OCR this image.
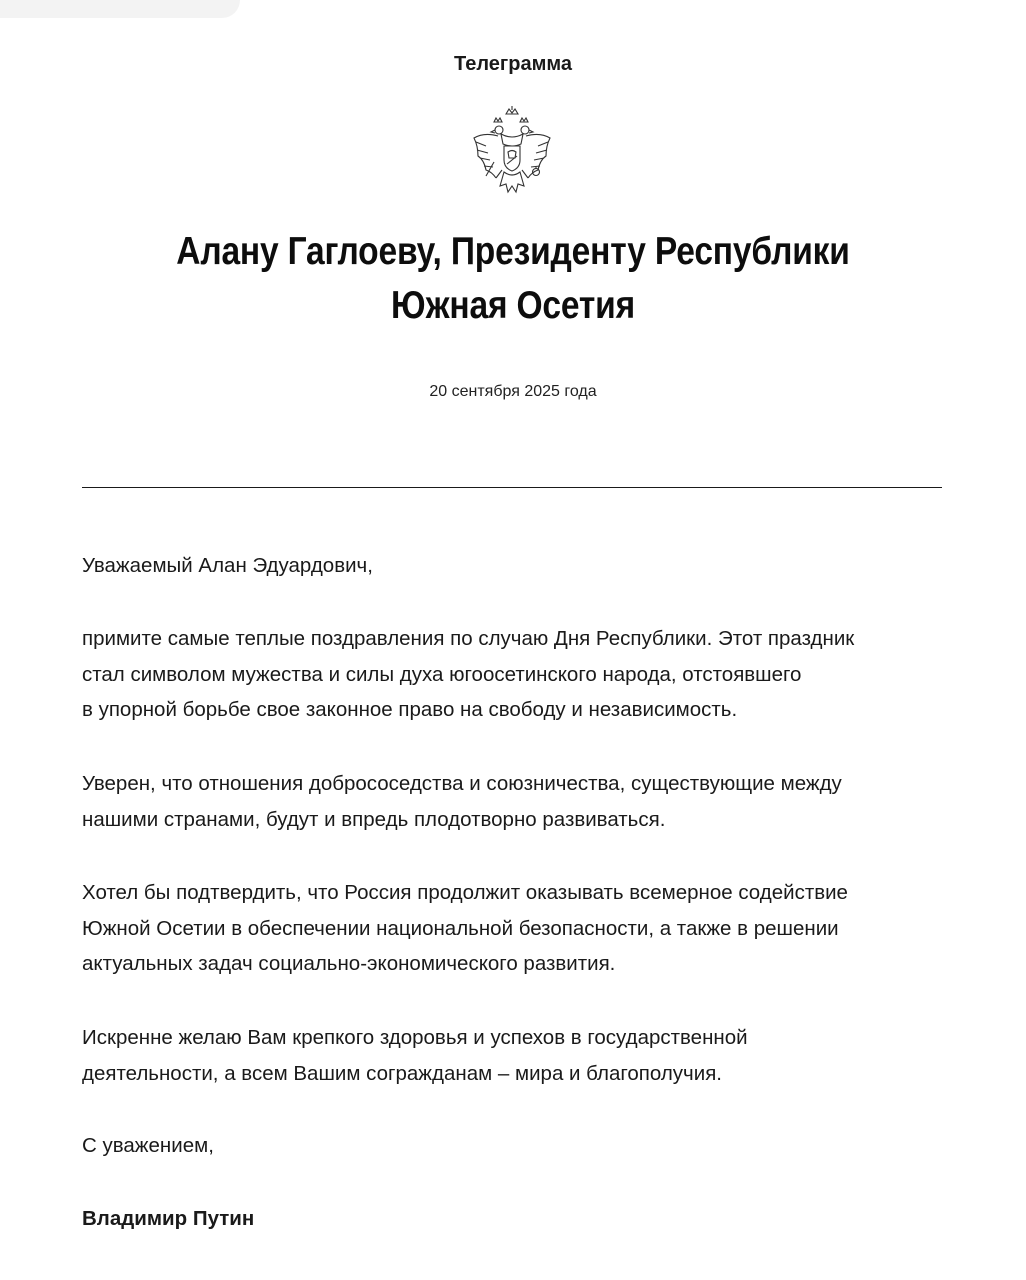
Телеграмма
Алану Гаглоеву, Президенту Республики Южная Осетия
20 сентября 2025 года
Уважаемый Алан Эдуардович,

примите самые теплые поздравления по случаю Дня Республики. Этот праздник

стал символом мужества и силы духа югоосетинского народа, отстоявшего

в упорной борьбе свое законное право на свободу и независимость.

Уверен, что отношения добрососедства и союзничества, существующие между

нашими странами, будут и впредь плодотворно развиваться.

Хотел бы подтвердить, что Россия продолжит оказывать всемерное содействие

Южной Осетии в обеспечении национальной безопасности, а также в решении

актуальных задач социально-экономического развития.

Искренне желаю Вам крепкого здоровья и успехов в государственной

деятельности, а всем Вашим согражданам – мира и благополучия.

С уважением,
Владимир Путин
